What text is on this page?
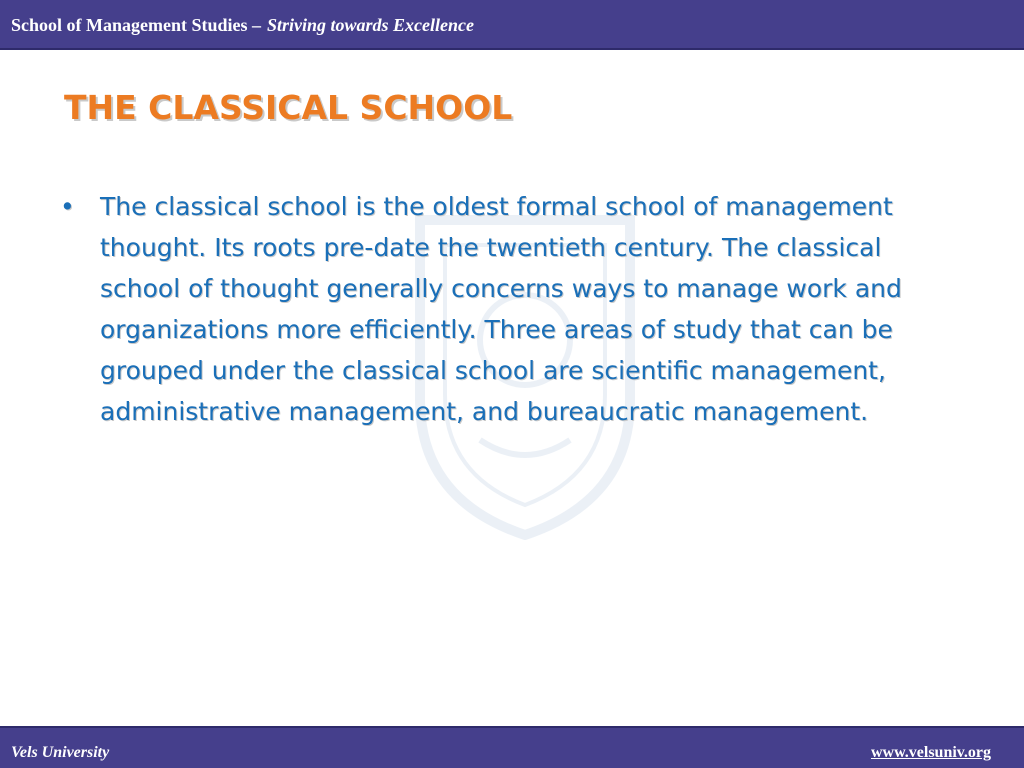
School of Management Studies – Striving towards Excellence
THE CLASSICAL SCHOOL
•	The classical school is the oldest formal school of management thought. Its roots pre-date the twentieth century. The classical school of thought generally concerns ways to manage work and organizations more efficiently. Three areas of study that can be grouped under the classical school are scientific management, administrative management, and bureaucratic management.
Vels University	www.velsuniv.org
